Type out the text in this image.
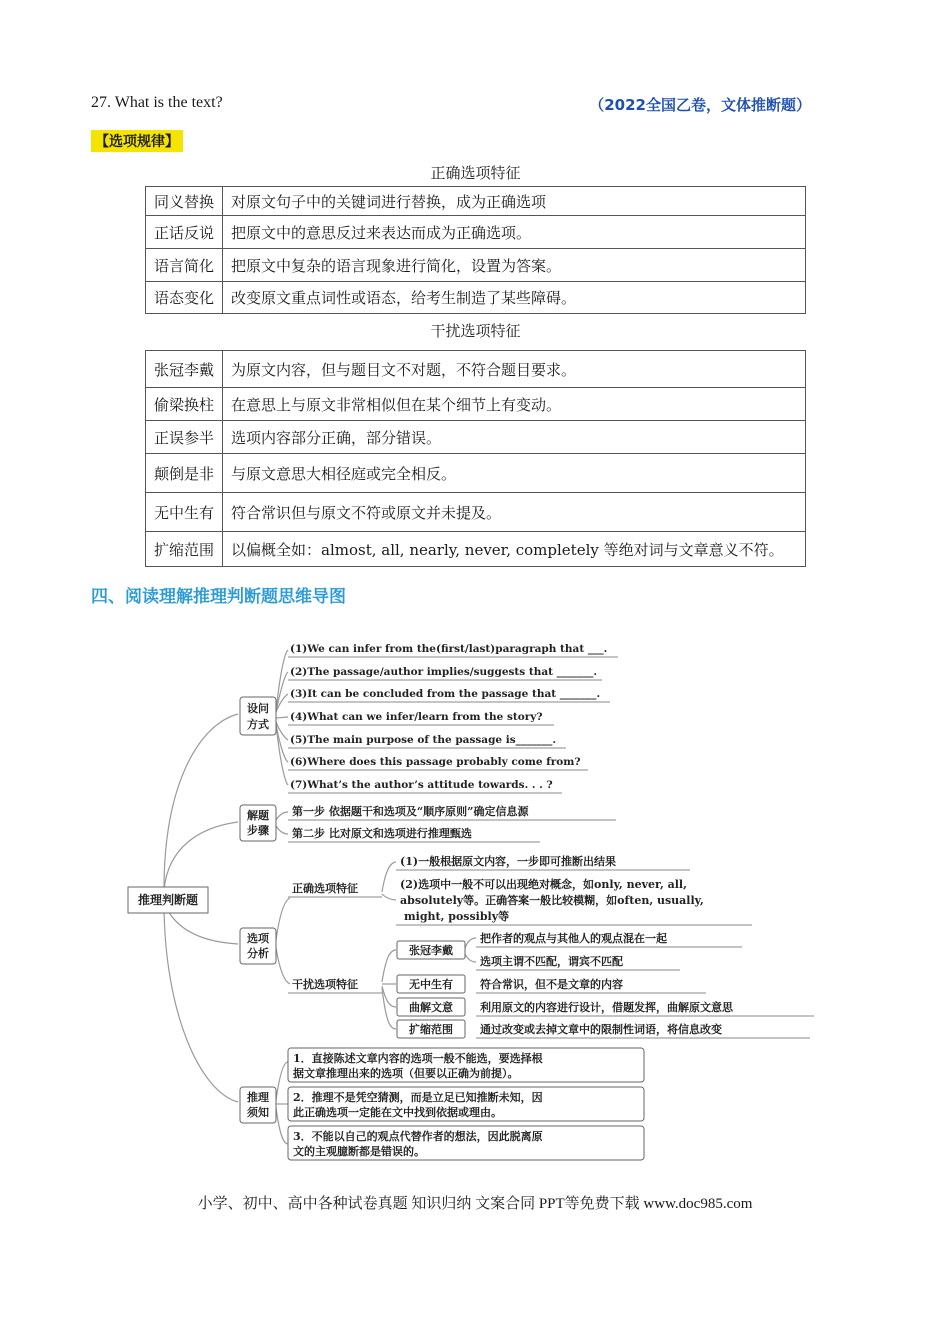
27. What is the text?	（2022全国乙卷，文体推断题）
【选项规律】
正确选项特征
同义替换	对原文句子中的关键词进行替换，成为正确选项
正话反说	把原文中的意思反过来表达而成为正确选项。
语言简化	把原文中复杂的语言现象进行简化，设置为答案。
语态变化	改变原文重点词性或语态，给考生制造了某些障碍。
干扰选项特征
张冠李戴	为原文内容，但与题目文不对题，不符合题目要求。
偷梁换柱	在意思上与原文非常相似但在某个细节上有变动。
正误参半	选项内容部分正确，部分错误。
颠倒是非	与原文意思大相径庭或完全相反。
无中生有	符合常识但与原文不符或原文并未提及。
扩缩范围	以偏概全如：almost, all, nearly, never, completely 等绝对词与文章意义不符。
四、阅读理解推理判断题思维导图
推理判断题
设问
方式
(1)We can infer from the(first/last)paragraph that ___.
(2)The passage/author implies/suggests that _______.
(3)It can be concluded from the passage that _______.
(4)What can we infer/learn from the story?
(5)The main purpose of the passage is_______.
(6)Where does this passage probably come from?
(7)What’s the author’s attitude towards. . . ?
解题
步骤
第一步 依据题干和选项及“顺序原则”确定信息源
第二步 比对原文和选项进行推理甄选
选项
分析
正确选项特征
(1)一般根据原文内容，一步即可推断出结果
(2)选项中一般不可以出现绝对概念，如only, never, all,
absolutely等。正确答案一般比较模糊，如often, usually,
might, possibly等
干扰选项特征
张冠李戴
把作者的观点与其他人的观点混在一起
选项主谓不匹配，谓宾不匹配
无中生有 符合常识，但不是文章的内容
曲解文意 利用原文的内容进行设计，借题发挥，曲解原文意思
扩缩范围 通过改变或去掉文章中的限制性词语，将信息改变
推理
须知
1．直接陈述文章内容的选项一般不能选，要选择根
据文章推理出来的选项（但要以正确为前提）。
2．推理不是凭空猜测，而是立足已知推断未知，因
此正确选项一定能在文中找到依据或理由。
3．不能以自己的观点代替作者的想法，因此脱离原
文的主观臆断都是错误的。
小学、初中、高中各种试卷真题 知识归纳 文案合同 PPT等免费下载 www.doc985.com
